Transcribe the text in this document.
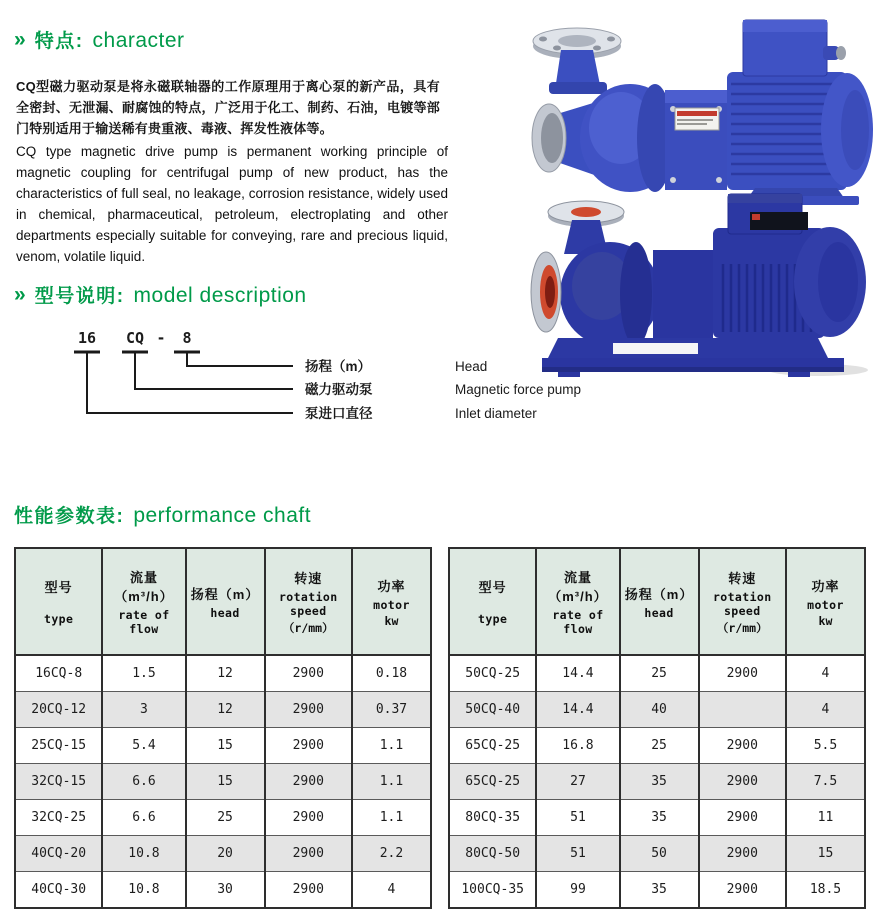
» 特点: character

CQ型磁力驱动泵是将永磁联轴器的工作原理用于离心泵的新产品，具有全密封、无泄漏、耐腐蚀的特点，广泛用于化工、制药、石油，电镀等部门特别适用于输送稀有贵重液、毒液、挥发性液体等。

CQ type magnetic drive pump is permanent working principle of magnetic coupling for centrifugal pump of new product, has the characteristics of full seal, no leakage, corrosion resistance, widely used in chemical, pharmaceutical, petroleum, electroplating and other departments especially suitable for conveying, rare and precious liquid, venom, volatile liquid.

» 型号说明: model description
16 CQ - 8
扬程（m）
磁力驱动泵
泵进口直径
Head
Magnetic force pump
Inlet diameter
性能参数表: performance chaft
型号
type

流量（m³/h）
rate of flow

扬程（m）
head

转速
rotation speed
（r/mm）

功率
motor
kw

16CQ-8	1.5	12	2900	0.18
20CQ-12	3	12	2900	0.37
25CQ-15	5.4	15	2900	1.1
32CQ-15	6.6	15	2900	1.1
32CQ-25	6.6	25	2900	1.1
40CQ-20	10.8	20	2900	2.2
40CQ-30	10.8	30	2900	4
型号
type

流量（m³/h）
rate of flow

扬程（m）
head

转速
rotation speed
（r/mm）

功率
motor
kw

50CQ-25	14.4	25	2900	4
50CQ-40	14.4	40		4
65CQ-25	16.8	25	2900	5.5
65CQ-25	27	35	2900	7.5
80CQ-35	51	35	2900	11
80CQ-50	51	50	2900	15
100CQ-35	99	35	2900	18.5
